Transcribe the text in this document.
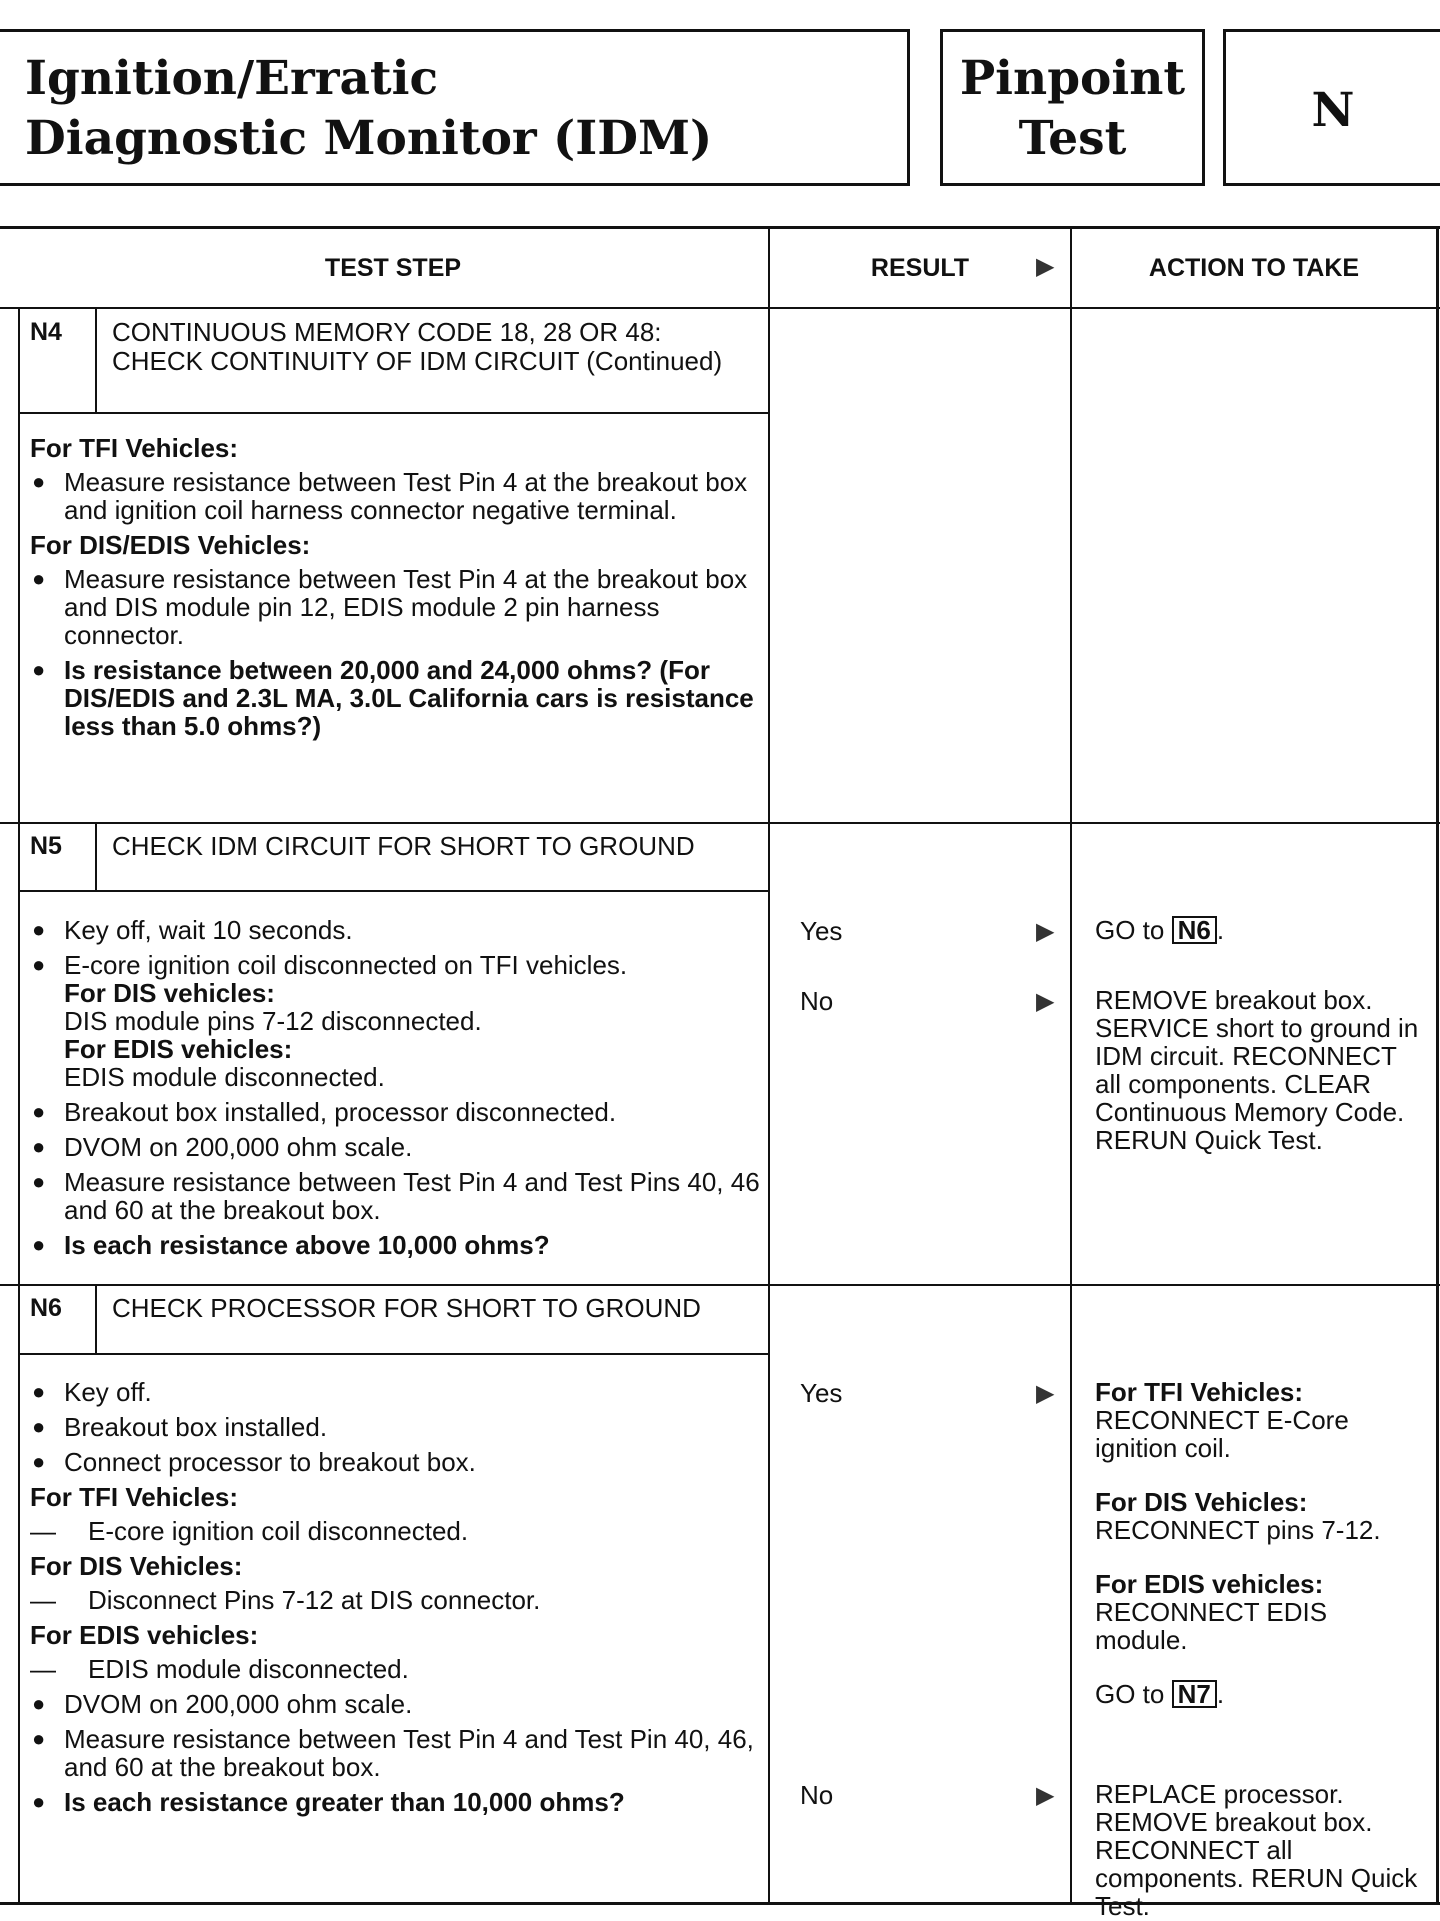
Ignition/Erratic
Diagnostic Monitor (IDM)
Pinpoint
Test
N
TEST STEP	RESULT	▶	ACTION TO TAKE
N4 CONTINUOUS MEMORY CODE 18, 28 OR 48: CHECK CONTINUITY OF IDM CIRCUIT (Continued)
For TFI Vehicles:
● Measure resistance between Test Pin 4 at the breakout box and ignition coil harness connector negative terminal.
For DIS/EDIS Vehicles:
● Measure resistance between Test Pin 4 at the breakout box and DIS module pin 12, EDIS module 2 pin harness connector.
● Is resistance between 20,000 and 24,000 ohms? (For DIS/EDIS and 2.3L MA, 3.0L California cars is resistance less than 5.0 ohms?)
N5 CHECK IDM CIRCUIT FOR SHORT TO GROUND
● Key off, wait 10 seconds.
● E-core ignition coil disconnected on TFI vehicles.
For DIS vehicles:
DIS module pins 7-12 disconnected.
For EDIS vehicles:
EDIS module disconnected.
● Breakout box installed, processor disconnected.
● DVOM on 200,000 ohm scale.
● Measure resistance between Test Pin 4 and Test Pins 40, 46 and 60 at the breakout box.
● Is each resistance above 10,000 ohms?
Yes	▶ GO to N6 .
No	▶ REMOVE breakout box. SERVICE short to ground in IDM circuit. RECONNECT all components. CLEAR Continuous Memory Code. RERUN Quick Test.
N6 CHECK PROCESSOR FOR SHORT TO GROUND
● Key off.
● Breakout box installed.
● Connect processor to breakout box.
For TFI Vehicles:
— E-core ignition coil disconnected.
For DIS Vehicles:
— Disconnect Pins 7-12 at DIS connector.
For EDIS vehicles:
— EDIS module disconnected.
● DVOM on 200,000 ohm scale.
● Measure resistance between Test Pin 4 and Test Pin 40, 46, and 60 at the breakout box.
● Is each resistance greater than 10,000 ohms?
Yes	▶ For TFI Vehicles:
RECONNECT E-Core ignition coil.
For DIS Vehicles:
RECONNECT pins 7-12.
For EDIS vehicles:
RECONNECT EDIS module.
GO to N7 .
No	▶ REPLACE processor. REMOVE breakout box. RECONNECT all components. RERUN Quick Test.
